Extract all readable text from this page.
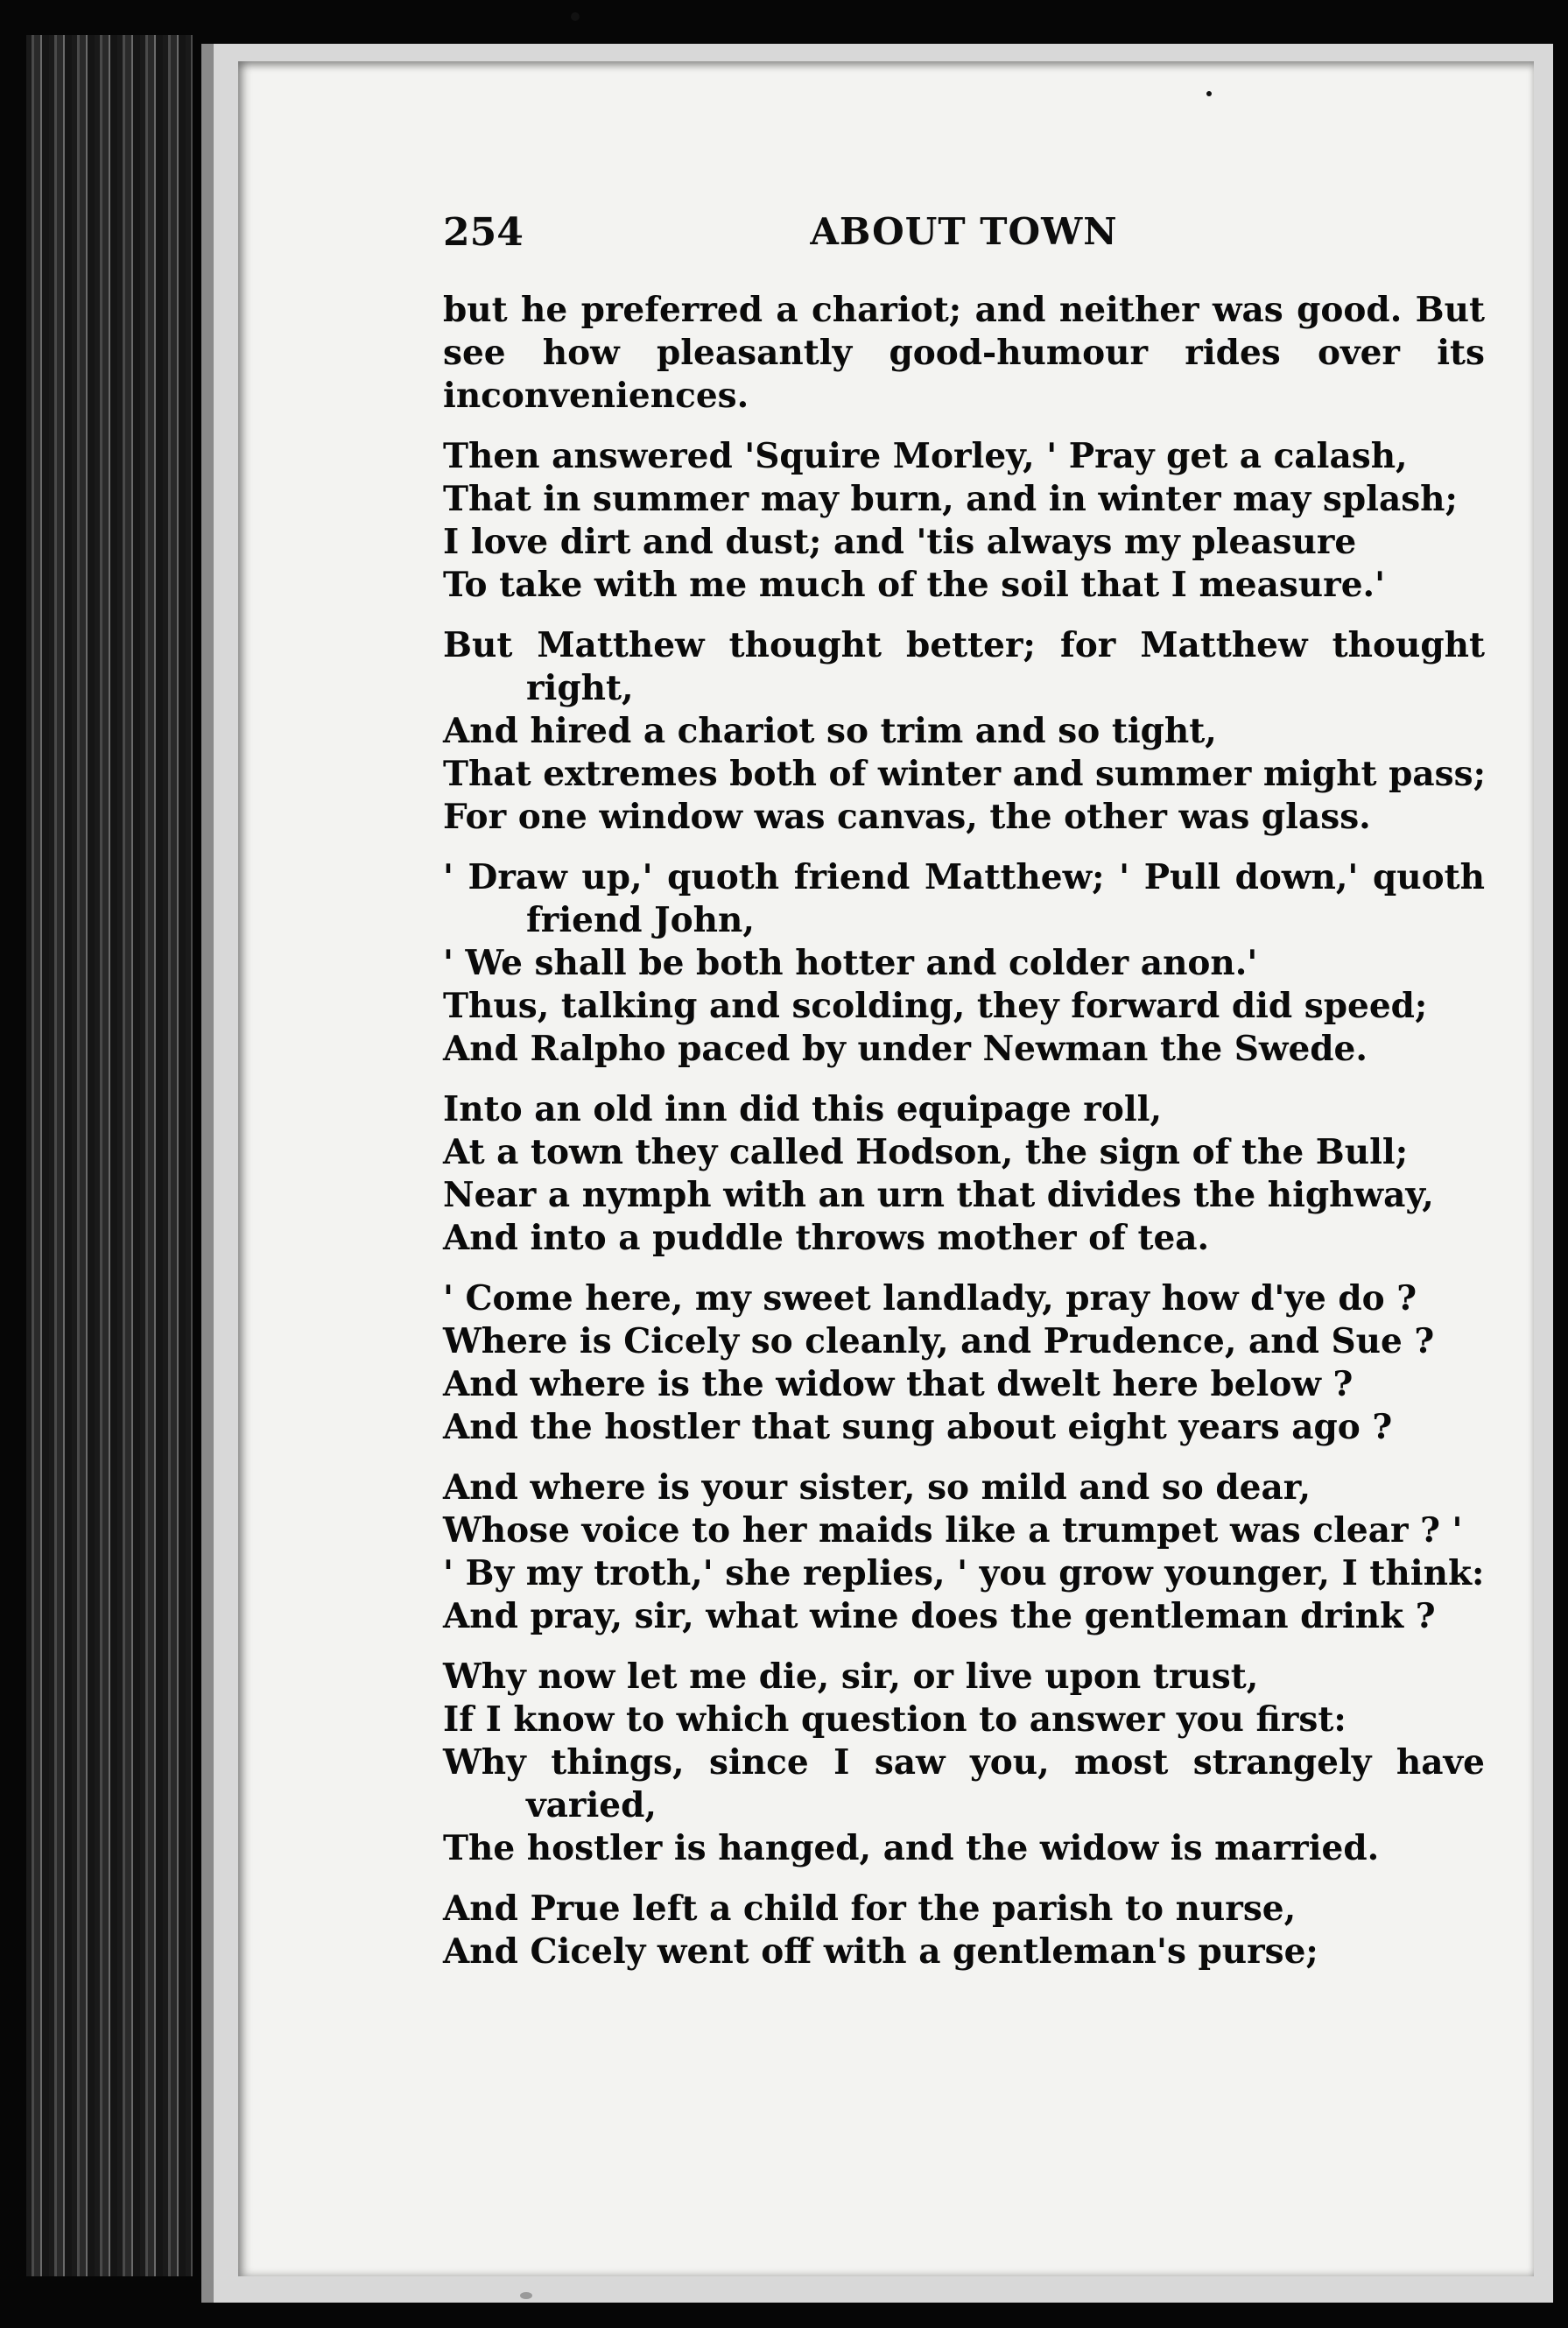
254	ABOUT TOWN

but he preferred a chariot; and neither was good. But see how pleasantly good-humour rides over its inconveniences.

Then answered 'Squire Morley, ' Pray get a calash,
That in summer may burn, and in winter may splash;
I love dirt and dust; and 'tis always my pleasure
To take with me much of the soil that I measure.'
But Matthew thought better; for Matthew thought
right,
And hired a chariot so trim and so tight,
That extremes both of winter and summer might pass;
For one window was canvas, the other was glass.
' Draw up,' quoth friend Matthew; ' Pull down,' quoth
friend John,
' We shall be both hotter and colder anon.'
Thus, talking and scolding, they forward did speed;
And Ralpho paced by under Newman the Swede.
Into an old inn did this equipage roll,
At a town they called Hodson, the sign of the Bull;
Near a nymph with an urn that divides the highway,
And into a puddle throws mother of tea.
' Come here, my sweet landlady, pray how d'ye do ?
Where is Cicely so cleanly, and Prudence, and Sue ?
And where is the widow that dwelt here below ?
And the hostler that sung about eight years ago ?
And where is your sister, so mild and so dear,
Whose voice to her maids like a trumpet was clear ? '
' By my troth,' she replies, ' you grow younger, I think:
And pray, sir, what wine does the gentleman drink ?
Why now let me die, sir, or live upon trust,
If I know to which question to answer you first:
Why things, since I saw you, most strangely have
varied,
The hostler is hanged, and the widow is married.
And Prue left a child for the parish to nurse,
And Cicely went off with a gentleman's purse;
